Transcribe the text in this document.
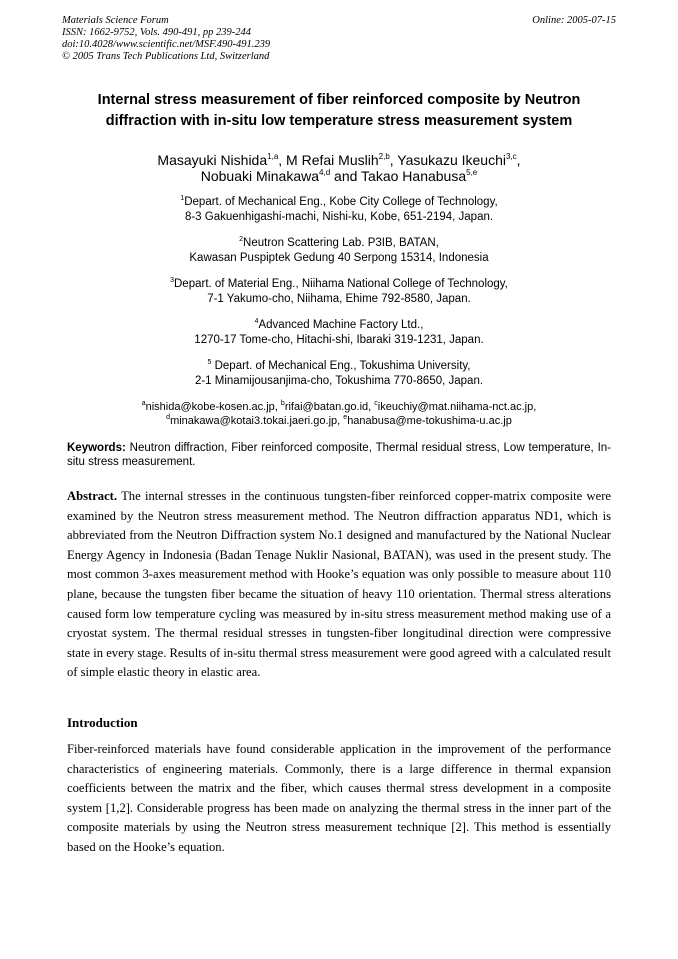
Materials Science Forum
ISSN: 1662-9752, Vols. 490-491, pp 239-244
doi:10.4028/www.scientific.net/MSF.490-491.239
© 2005 Trans Tech Publications Ltd, Switzerland
Online: 2005-07-15
Internal stress measurement of fiber reinforced composite by Neutron
diffraction with in-situ low temperature stress measurement system
Masayuki Nishida$^{1,a}$, M Refai Muslih$^{2,b}$, Yasukazu Ikeuchi$^{3,c}$,
Nobuaki Minakawa$^{4,d}$ and Takao Hanabusa$^{5,e}$
$^1$Depart. of Mechanical Eng., Kobe City College of Technology,
8-3 Gakuenhigashi-machi, Nishi-ku, Kobe, 651-2194, Japan.
$^2$Neutron Scattering Lab. P3IB, BATAN,
Kawasan Puspiptek Gedung 40 Serpong 15314, Indonesia
$^3$Depart. of Material Eng., Niihama National College of Technology,
7-1 Yakumo-cho, Niihama, Ehime 792-8580, Japan.
$^4$Advanced Machine Factory Ltd.,
1270-17 Tome-cho, Hitachi-shi, Ibaraki 319-1231, Japan.
$^5$ Depart. of Mechanical Eng., Tokushima University,
2-1 Minamijousanjima-cho, Tokushima 770-8650, Japan.
$^a$nishida@kobe-kosen.ac.jp, $^b$rifai@batan.go.id, $^c$ikeuchiy@mat.niihama-nct.ac.jp,
$^d$minakawa@kotai3.tokai.jaeri.go.jp, $^e$hanabusa@me-tokushima-u.ac.jp
Keywords: Neutron diffraction, Fiber reinforced composite, Thermal residual stress, Low temperature, In-situ stress measurement.
Abstract. The internal stresses in the continuous tungsten-fiber reinforced copper-matrix composite were examined by the Neutron stress measurement method. The Neutron diffraction apparatus ND1, which is abbreviated from the Neutron Diffraction system No.1 designed and manufactured by the National Nuclear Energy Agency in Indonesia (Badan Tenage Nuklir Nasional, BATAN), was used in the present study. The most common 3-axes measurement method with Hooke’s equation was only possible to measure about 110 plane, because the tungsten fiber became the situation of heavy 110 orientation. Thermal stress alterations caused form low temperature cycling was measured by in-situ stress measurement method making use of a cryostat system. The thermal residual stresses in tungsten-fiber longitudinal direction were compressive state in every stage. Results of in-situ thermal stress measurement were good agreed with a calculated result of simple elastic theory in elastic area.
Introduction
Fiber-reinforced materials have found considerable application in the improvement of the performance characteristics of engineering materials. Commonly, there is a large difference in thermal expansion coefficients between the matrix and the fiber, which causes thermal stress development in a composite system [1,2]. Considerable progress has been made on analyzing the thermal stress in the inner part of the composite materials by using the Neutron stress measurement technique [2]. This method is essentially based on the Hooke’s equation.
